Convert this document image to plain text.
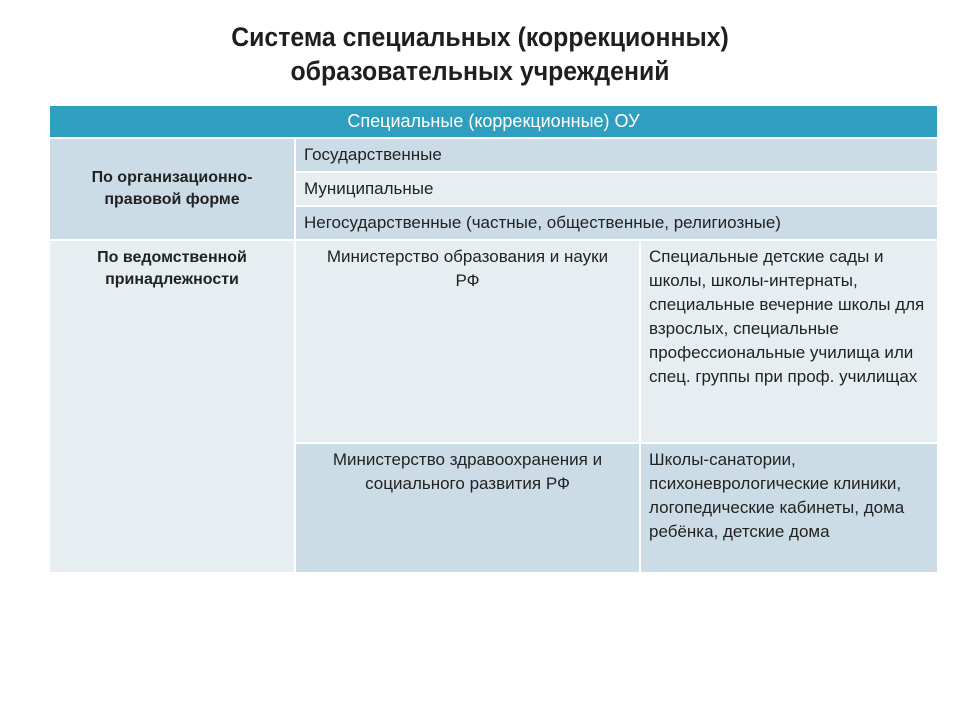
Система специальных (коррекционных)
образовательных учреждений
Специальные (коррекционные) ОУ		
По организационно-правовой форме	Государственные	
	Муниципальные	
	Негосударственные (частные, общественные, религиозные)	
По ведомственной принадлежности	Министерство образования и науки РФ	Специальные детские сады и школы, школы-интернаты, специальные вечерние школы для взрослых, специальные профессиональные училища или спец. группы при проф. училищах
	Министерство здравоохранения и социального развития РФ	Школы-санатории, психоневрологические клиники, логопедические кабинеты, дома ребёнка, детские дома
